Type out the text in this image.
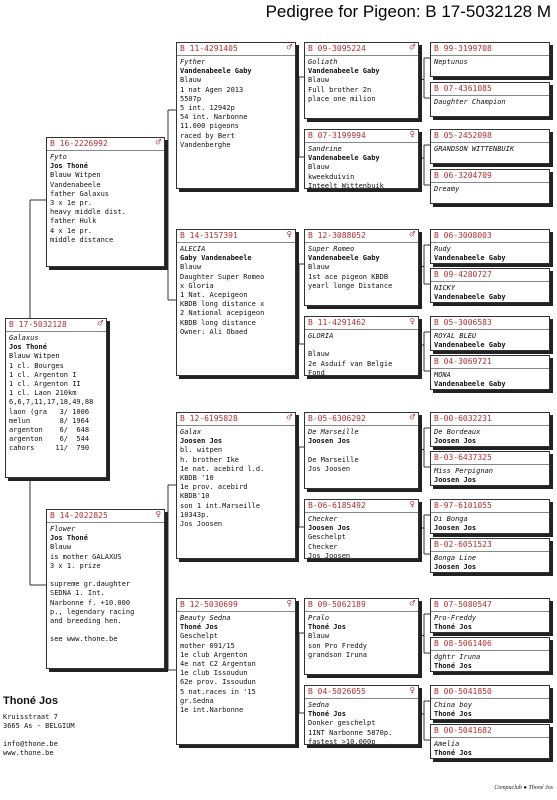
Pedigree for Pigeon: B 17-5032128 M
B 17-5032128	♂
Galaxus
Jos Thoné
Blauw Witpen
1 cl. Bourges
1 cl. Argenton I
1 cl. Argenton II
1 cl. Laon 210km
6,6,7,11,17,18,49,88
laon (gra   3/ 1006
melun       8/ 1964
argenton    6/  648
argenton    6/  544
cahors     11/  790
B 16-2226992	♂
Fyto
Jos Thoné
Blauw Witpen
Vandenabeele
father Galaxus
3 x 1e pr.
heavy middle dist.
father Hulk
4 x 1e pr.
middle distance
B 14-2022825	♀
Flower
Jos Thoné
Blauw
is mother GALAXUS
3 x 1. prize

supreme gr.daughter
SEDNA 1. Int.
Narbonne f. +10.000
p., legendary racing
and breeding hen.

see www.thone.be
B 11-4291405	♂
Fyther
Vandenabeele Gaby
Blauw
1 nat Agen 2013
5507p
5 int. 12942p
54 int. Narbonne
11.000 pigeons
raced by Bert
Vandenberghe
B 14-3157391	♀
ALECIA
Gaby Vandenabeele
Blauw
Daughter Super Romeo
x Gloria
1 Nat. Acepigeon
KBDB long distance x
2 National acepigeon
KBDB long distance
Owner: Ali Obaed
B 12-6195828	♂
Galax
Joosen Jos
bl. witpen
h. brother Ike
1e nat. acebird l.d.
KBDB '10
1e prov. acebird
KBDB'10
son 1 int.Marseille
10343p.
Jos Joosen
B 12-5030699	♀
Beauty Sedna
Thoné Jos
Geschelpt
mother 091/15
1e club Argenton
4e nat C2 Argenton
1e club Issoudun
62e prov. Issoudun
5 nat.races in '15
gr.Sedna
1e int.Narbonne
B 09-3095224	♂
Goliath
Vandenabeele Gaby
Blauw
Full brother 2n
place one milion
B 07-3199994	♀
Sandrine
Vandenabeele Gaby
Blauw
kweekduivin
Inteelt Wittenbuik
B 12-3088052	♂
Super Romeo
Vandenabeele Gaby
Blauw
1st ace pigeon KBDB
yearl longe Distance
B 11-4291462	♀
GLORIA

Blauw
2e Asduif van Belgie
Fond
B-05-6306292	♂
De Marseille
Joosen Jos

De Marseille
Jos Joosen
B-06-6185492	♀
Checker
Joosen Jos
Geschelpt
Checker
Jos Joosen
B 09-5062189	♂
Pralo
Thoné Jos
Blauw
son Pro Freddy
grandson Iruna
B 04-5026055	♀
Sedna
Thoné Jos
Donker geschelpt
1INT Narbonne 5870p.
fastest >10.000p
B 99-3199708
Neptunus

B 07-4361085
Daughter Champion

B 05-2452098
GRANDSON WITTENBUIK

B 06-3204709
Dreamy

B 06-3008003
Rudy
Vandenabeele Gaby
B 09-4280727
NICKY
Vandenabeele Gaby
B 05-3006583
ROYAL BLEU
Vandenabeele Gaby
B 04-3069721
MONA
Vandenabeele Gaby
B-00-6032231
De Bordeaux
Joosen Jos
B-03-6437325
Miss Perpignan
Joosen Jos
B-97-6101055
Di Bonga
Joosen Jos
B-02-6051523
Bonga Line
Joosen Jos
B 07-5080547
Pro-Freddy
Thoné Jos
B 08-5061406
dghtr Iruna
Thoné Jos
B 00-5041850
China boy
Thoné Jos
B 00-5041682
Amelia
Thoné Jos
Thoné Jos
Kruisstraat 7
3665 As - BELGIUM

info@thone.be
www.thone.be
Compuclub ● Thoné Jos
